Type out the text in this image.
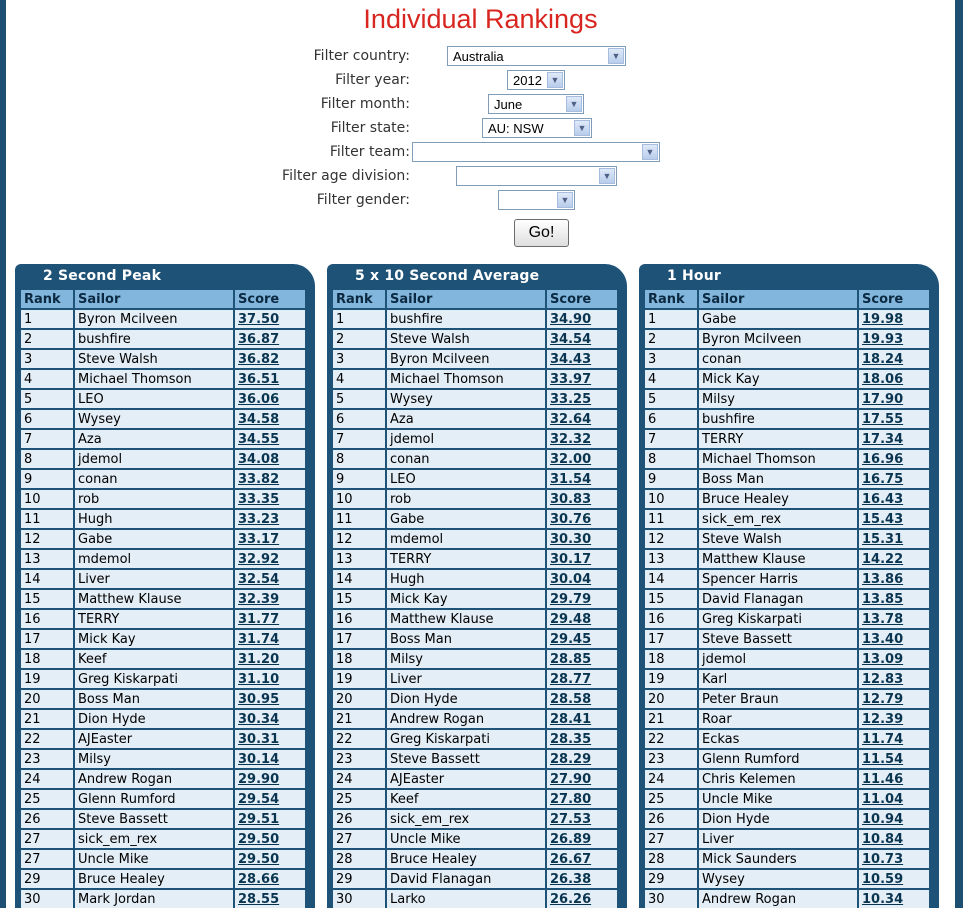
Individual Rankings
Filter country:	Australia	▼
Filter year:	2012 ▼
Filter month:	June	▼
Filter state:	AU: NSW	▼
Filter team:	▼
Filter age division:	▼
Filter gender:	▼
Go!
2 Second Peak
Rank	Sailor	Score
1	Byron Mcilveen	37.50
2	bushfire	36.87
3	Steve Walsh	36.82
4	Michael Thomson	36.51
5	LEO	36.06
6	Wysey	34.58
7	Aza	34.55
8	jdemol	34.08
9	conan	33.82
10	rob	33.35
11	Hugh	33.23
12	Gabe	33.17
13	mdemol	32.92
14	Liver	32.54
15	Matthew Klause	32.39
16	TERRY	31.77
17	Mick Kay	31.74
18	Keef	31.20
19	Greg Kiskarpati	31.10
20	Boss Man	30.95
21	Dion Hyde	30.34
22	AJEaster	30.31
23	Milsy	30.14
24	Andrew Rogan	29.90
25	Glenn Rumford	29.54
26	Steve Bassett	29.51
27	sick_em_rex	29.50
27	Uncle Mike	29.50
29	Bruce Healey	28.66
30	Mark Jordan	28.55
5 x 10 Second Average
Rank	Sailor	Score
1	bushfire	34.90
2	Steve Walsh	34.54
3	Byron Mcilveen	34.43
4	Michael Thomson	33.97
5	Wysey	33.25
6	Aza	32.64
7	jdemol	32.32
8	conan	32.00
9	LEO	31.54
10	rob	30.83
11	Gabe	30.76
12	mdemol	30.30
13	TERRY	30.17
14	Hugh	30.04
15	Mick Kay	29.79
16	Matthew Klause	29.48
17	Boss Man	29.45
18	Milsy	28.85
19	Liver	28.77
20	Dion Hyde	28.58
21	Andrew Rogan	28.41
22	Greg Kiskarpati	28.35
23	Steve Bassett	28.29
24	AJEaster	27.90
25	Keef	27.80
26	sick_em_rex	27.53
27	Uncle Mike	26.89
28	Bruce Healey	26.67
29	David Flanagan	26.38
30	Larko	26.26
1 Hour
Rank	Sailor	Score
1	Gabe	19.98
2	Byron Mcilveen	19.93
3	conan	18.24
4	Mick Kay	18.06
5	Milsy	17.90
6	bushfire	17.55
7	TERRY	17.34
8	Michael Thomson	16.96
9	Boss Man	16.75
10	Bruce Healey	16.43
11	sick_em_rex	15.43
12	Steve Walsh	15.31
13	Matthew Klause	14.22
14	Spencer Harris	13.86
15	David Flanagan	13.85
16	Greg Kiskarpati	13.78
17	Steve Bassett	13.40
18	jdemol	13.09
19	Karl	12.83
20	Peter Braun	12.79
21	Roar	12.39
22	Eckas	11.74
23	Glenn Rumford	11.54
24	Chris Kelemen	11.46
25	Uncle Mike	11.04
26	Dion Hyde	10.94
27	Liver	10.84
28	Mick Saunders	10.73
29	Wysey	10.59
30	Andrew Rogan	10.34
